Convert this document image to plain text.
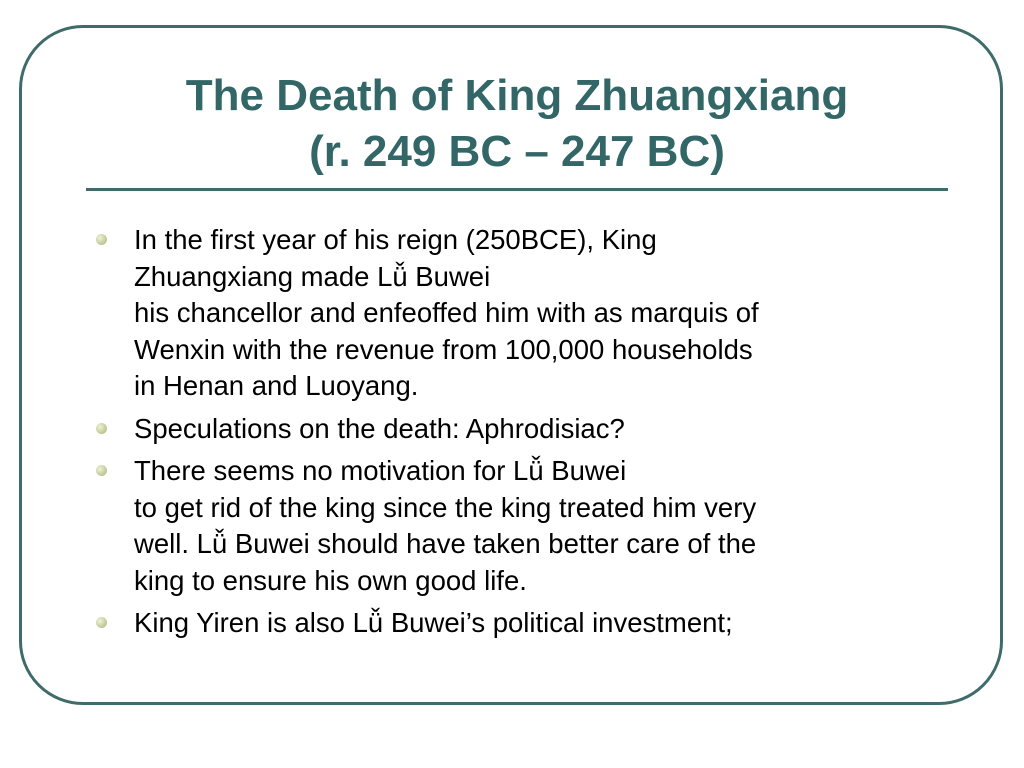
The Death of King Zhuangxiang
(r. 249 BC – 247 BC)
In the first year of his reign (250BCE), King
Zhuangxiang made Lǚ Buwei
his chancellor and enfeoffed him with as marquis of
Wenxin with the revenue from 100,000 households
in Henan and Luoyang.
Speculations on the death: Aphrodisiac?
There seems no motivation for Lǚ Buwei
to get rid of the king since the king treated him very
well. Lǚ Buwei should have taken better care of the
king to ensure his own good life.
King Yiren is also Lǚ Buwei’s political investment;
